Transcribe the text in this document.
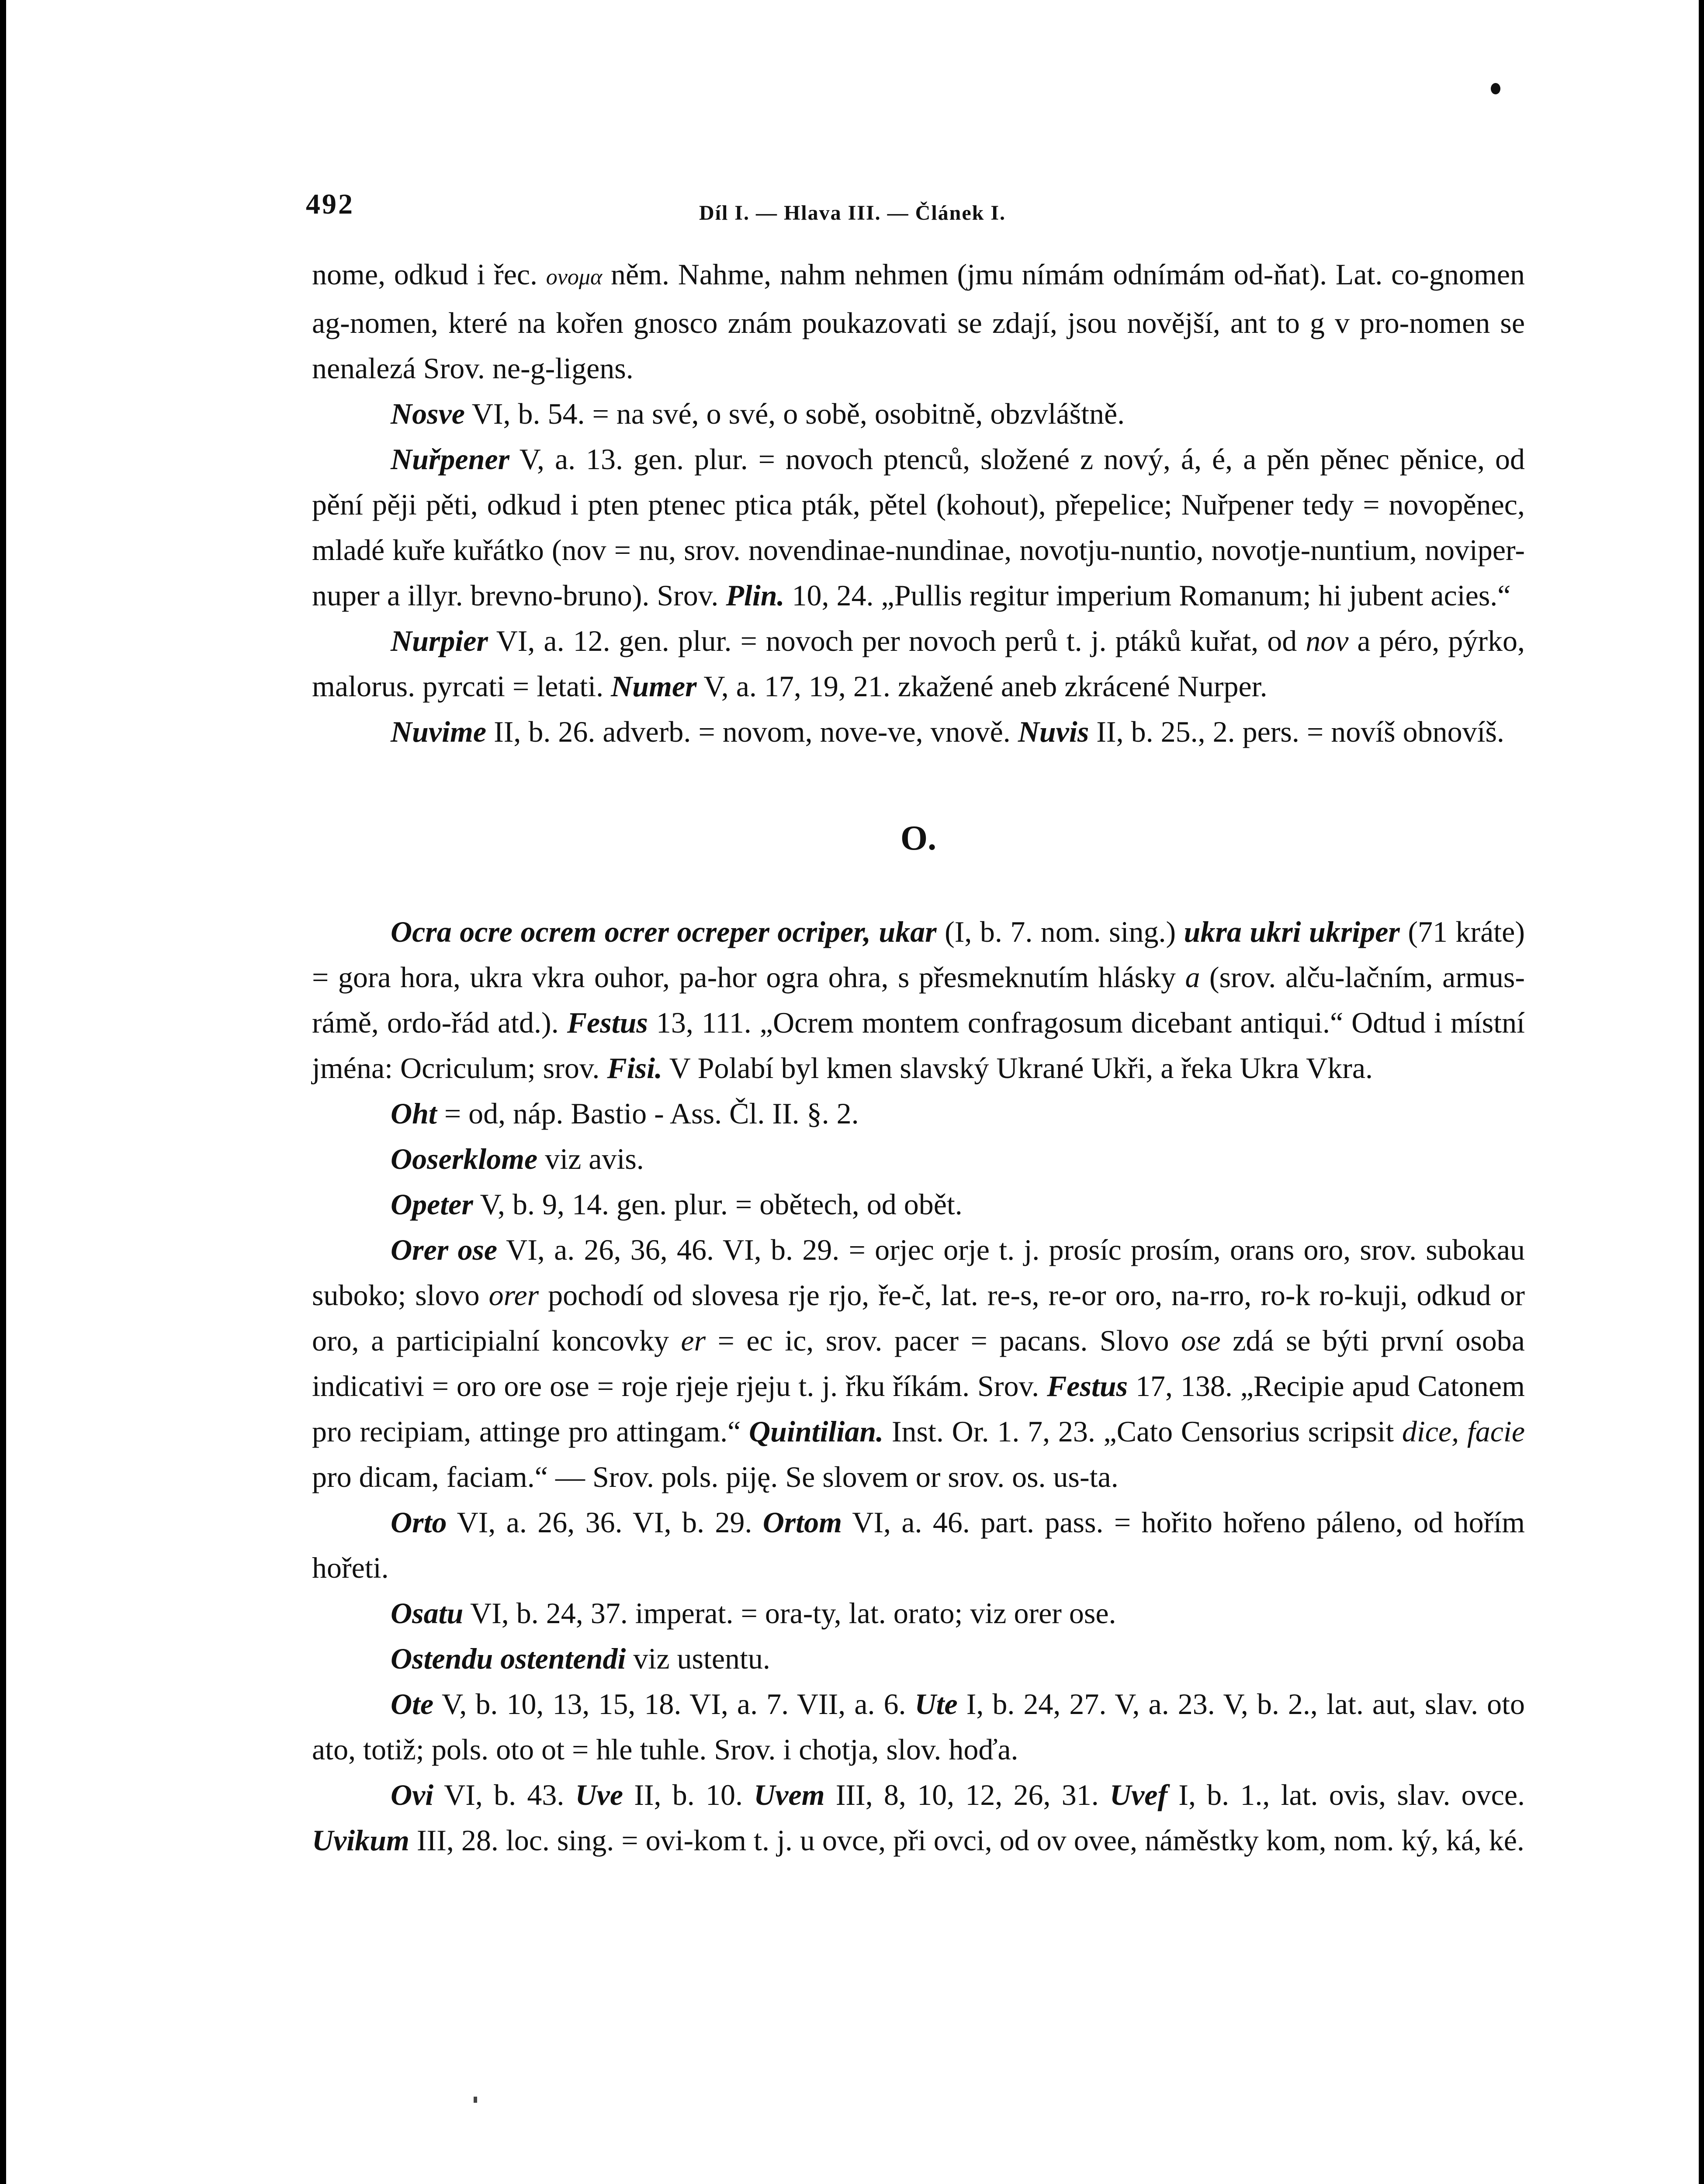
492	Díl I. — Hlava III. — Článek I.

nome, odkud i řec. ονομα něm. Nahme, nahm nehmen (jmu nímám odnímám od-ňat). Lat. co-gnomen ag-nomen, které na kořen gnosco znám poukazovati se zdají, jsou novější, ant to g v pro-nomen se nenalezá Srov. ne-g-ligens.

Nosve VI, b. 54. = na své, o své, o sobě, osobitně, obzvláštně.

Nuřpener V, a. 13. gen. plur. = novoch ptenců, složené z nový, á, é, a pěn pěnec pěnice, od pění pěji pěti, odkud i pten ptenec ptica pták, pětel (kohout), přepelice; Nuřpener tedy = novopěnec, mladé kuře kuřátko (nov = nu, srov. novendinae-nundinae, novotju-nuntio, novotje-nuntium, noviper-nuper a illyr. brevno-bruno). Srov. Plin. 10, 24. „Pullis regitur imperium Romanum; hi jubent acies.“

Nurpier VI, a. 12. gen. plur. = novoch per novoch perů t. j. ptáků kuřat, od nov a péro, pýrko, malorus. pyrcati = letati. Numer V, a. 17, 19, 21. zkažené aneb zkrácené Nurper.

Nuvime II, b. 26. adverb. = novom, nove-ve, vnově. Nuvis II, b. 25., 2. pers. = novíš obnovíš.

O.

Ocra ocre ocrem ocrer ocreper ocriper, ukar (I, b. 7. nom. sing.) ukra ukri ukriper (71 kráte) = gora hora, ukra vkra ouhor, pa-hor ogra ohra, s přesmeknutím hlásky a (srov. alču-lačním, armus-rámě, ordo-řád atd.). Festus 13, 111. „Ocrem montem confragosum dicebant antiqui.“ Odtud i místní jména: Ocriculum; srov. Fisi. V Polabí byl kmen slavský Ukrané Ukři, a řeka Ukra Vkra.

Oht = od, náp. Bastio - Ass. Čl. II. §. 2.

Ooserklome viz avis.

Opeter V, b. 9, 14. gen. plur. = obětech, od obět.

Orer ose VI, a. 26, 36, 46. VI, b. 29. = orjec orje t. j. prosíc prosím, orans oro, srov. subokau suboko; slovo orer pochodí od slovesa rje rjo, ře-č, lat. re-s, re-or oro, na-rro, ro-k ro-kuji, odkud or oro, a participialní koncovky er = ec ic, srov. pacer = pacans. Slovo ose zdá se býti první osoba indicativi = oro ore ose = roje rjeje rjeju t. j. řku říkám. Srov. Festus 17, 138. „Recipie apud Catonem pro recipiam, attinge pro attingam.“ Quintilian. Inst. Or. 1. 7, 23. „Cato Censorius scripsit dice, facie pro dicam, faciam.“ — Srov. pols. piję. Se slovem or srov. os. us-ta.

Orto VI, a. 26, 36. VI, b. 29. Ortom VI, a. 46. part. pass. = hořito hořeno páleno, od hořím hořeti.

Osatu VI, b. 24, 37. imperat. = ora-ty, lat. orato; viz orer ose.

Ostendu ostentendi viz ustentu.

Ote V, b. 10, 13, 15, 18. VI, a. 7. VII, a. 6. Ute I, b. 24, 27. V, a. 23. V, b. 2., lat. aut, slav. oto ato, totiž; pols. oto ot = hle tuhle. Srov. i chotja, slov. hoďa.

Ovi VI, b. 43. Uve II, b. 10. Uvem III, 8, 10, 12, 26, 31. Uvef I, b. 1., lat. ovis, slav. ovce. Uvikum III, 28. loc. sing. = ovi-kom t. j. u ovce, při ovci, od ov ovee, náměstky kom, nom. ký, ká, ké.
